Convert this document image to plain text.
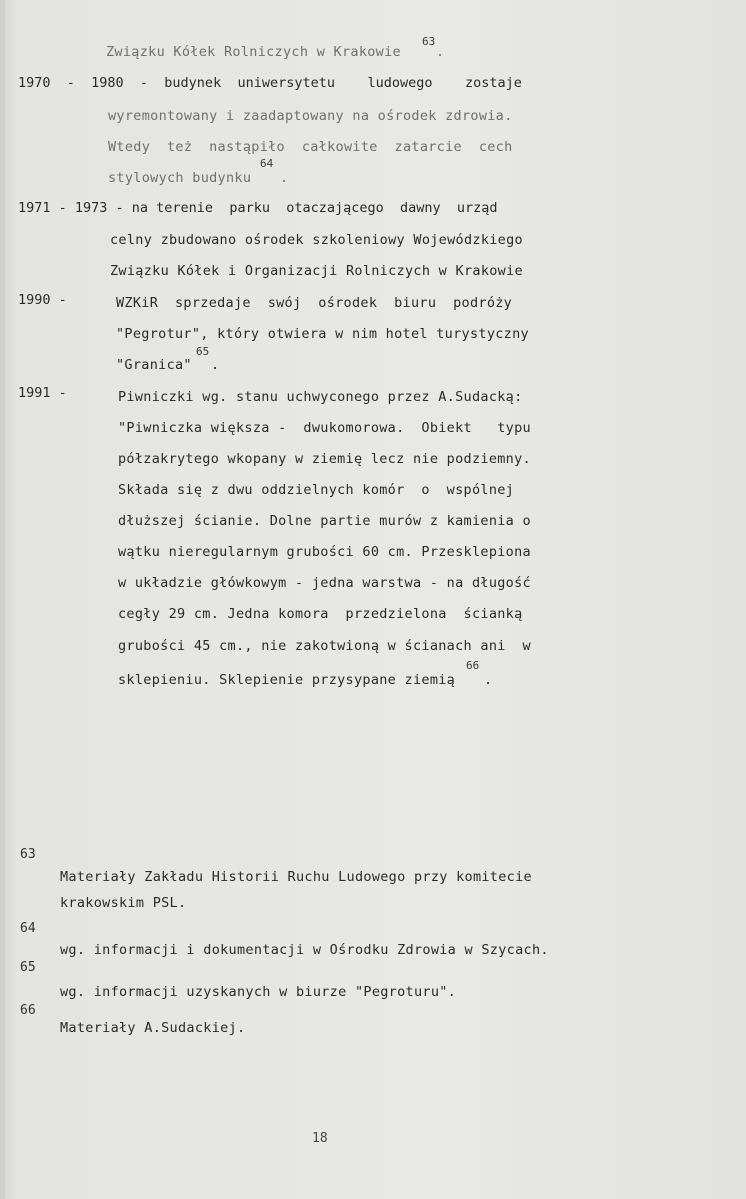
Związku Kółek Rolniczych w Krakowie
63
.
1970  -  1980  -  budynek  uniwersytetu    ludowego    zostaje
wyremontowany i zaadaptowany na ośrodek zdrowia.
Wtedy  też  nastąpiło  całkowite  zatarcie  cech
stylowych budynku
64
.
1971 - 1973 - na terenie  parku  otaczającego  dawny  urząd
celny zbudowano ośrodek szkoleniowy Wojewódzkiego
Związku Kółek i Organizacji Rolniczych w Krakowie
1990 -	WZKiR  sprzedaje  swój  ośrodek  biuru  podróży
"Pegrotur", który otwiera w nim hotel turystyczny
"Granica"
65
.
1991 -	Piwniczki wg. stanu uchwyconego przez A.Sudacką:
"Piwniczka większa -  dwukomorowa.  Obiekt   typu
półzakrytego wkopany w ziemię lecz nie podziemny.
Składa się z dwu oddzielnych komór  o  wspólnej
dłuższej ścianie. Dolne partie murów z kamienia o
wątku nieregularnym grubości 60 cm. Przesklepiona
w układzie główkowym - jedna warstwa - na długość
cegły 29 cm. Jedna komora  przedzielona  ścianką
grubości 45 cm., nie zakotwioną w ścianach ani  w
sklepieniu. Sklepienie przysypane ziemią
66
.
63
Materiały Zakładu Historii Ruchu Ludowego przy komitecie
krakowskim PSL.
64
wg. informacji i dokumentacji w Ośrodku Zdrowia w Szycach.
65
wg. informacji uzyskanych w biurze "Pegroturu".
66
Materiały A.Sudackiej.
18
